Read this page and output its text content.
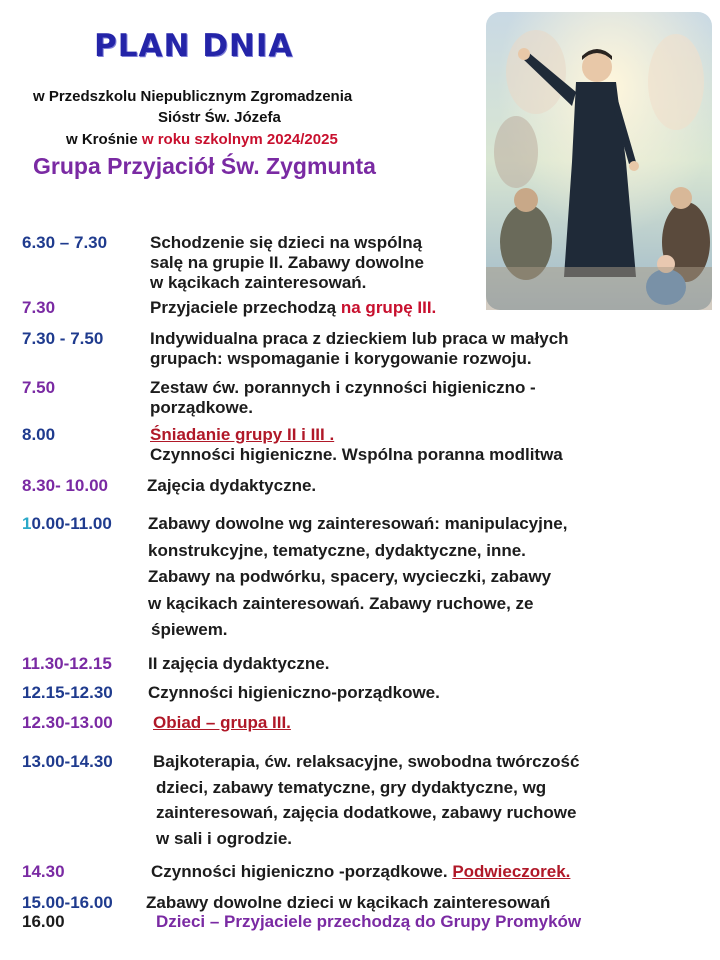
PLAN DNIA
w Przedszkolu Niepublicznym Zgromadzenia
Sióstr Św. Józefa
w Krośnie w roku szkolnym 2024/2025
Grupa Przyjaciół Św. Zygmunta
6.30 – 7.30	Schodzenie się dzieci na wspólną
salę na grupie II. Zabawy dowolne
w kącikach zainteresowań.
7.30	Przyjaciele przechodzą na grupę III.
7.30 - 7.50	Indywidualna praca z dzieckiem lub praca w małych
grupach: wspomaganie i korygowanie rozwoju.
7.50	Zestaw ćw. porannych i czynności higieniczno -
porządkowe.
8.00	Śniadanie grupy II i III .
Czynności higieniczne. Wspólna poranna modlitwa
8.30- 10.00 Zajęcia dydaktyczne.
10.00-11.00 Zabawy dowolne wg zainteresowań: manipulacyjne,
konstrukcyjne, tematyczne, dydaktyczne, inne.
Zabawy na podwórku, spacery, wycieczki, zabawy
w kącikach zainteresowań. Zabawy ruchowe, ze
śpiewem.
11.30-12.15 II zajęcia dydaktyczne.
12.15-12.30 Czynności higieniczno-porządkowe.
12.30-13.00 Obiad – grupa III.
13.00-14.30 Bajkoterapia, ćw. relaksacyjne, swobodna twórczość
dzieci, zabawy tematyczne, gry dydaktyczne, wg
zainteresowań, zajęcia dodatkowe, zabawy ruchowe
w sali i ogrodzie.
14.30	Czynności higieniczno -porządkowe. Podwieczorek.
15.00-16.00 Zabawy dowolne dzieci w kącikach zainteresowań
16.00	Dzieci – Przyjaciele przechodzą do Grupy Promyków
